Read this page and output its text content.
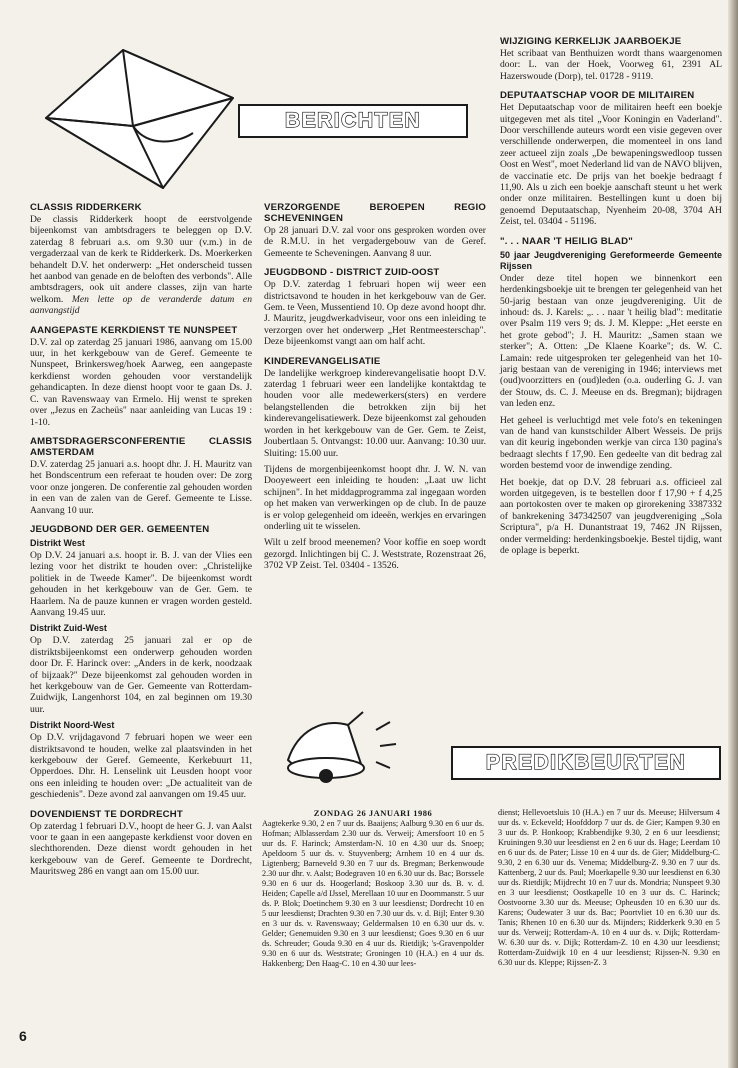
BERICHTEN
CLASSIS RIDDERKERK

De classis Ridderkerk hoopt de eerstvolgende bijeenkomst van ambtsdragers te beleggen op D.V. zaterdag 8 februari a.s. om 9.30 uur (v.m.) in de vergaderzaal van de kerk te Ridderkerk. Ds. Moerkerken behandelt D.V. het onderwerp: „Het onderscheid tussen het aanbod van genade en de beloften des verbonds". Alle ambtsdragers, ook uit andere classes, zijn van harte welkom. Men lette op de veranderde datum en aanvangstijd

AANGEPASTE KERKDIENST TE NUNSPEET

D.V. zal op zaterdag 25 januari 1986, aanvang om 15.00 uur, in het kerkgebouw van de Geref. Gemeente te Nunspeet, Brinkersweg/hoek Aarweg, een aangepaste kerkdienst worden gehouden voor verstandelijk gehandicapten. In deze dienst hoopt voor te gaan Ds. J. C. van Ravenswaay van Ermelo. Hij wenst te spreken over „Jezus en Zacheüs" naar aanleiding van Lucas 19 : 1-10.

AMBTSDRAGERSCONFERENTIE CLASSIS AMSTERDAM

D.V. zaterdag 25 januari a.s. hoopt dhr. J. H. Mauritz van het Bondscentrum een referaat te houden over: De zorg voor onze jongeren. De conferentie zal gehouden worden in een van de zalen van de Geref. Gemeente te Lisse. Aanvang 10 uur.

JEUGDBOND DER GER. GEMEENTEN
Distrikt West

Op D.V. 24 januari a.s. hoopt ir. B. J. van der Vlies een lezing voor het distrikt te houden over: „Christelijke politiek in de Tweede Kamer". De bijeenkomst wordt gehouden in het kerkgebouw van de Ger. Gem. te Haarlem. Na de pauze kunnen er vragen worden gesteld. Aanvang 19.45 uur.

Distrikt Zuid-West

Op D.V. zaterdag 25 januari zal er op de distriktsbijeenkomst een onderwerp gehouden worden door Dr. F. Harinck over: „Anders in de kerk, noodzaak of bijzaak?" Deze bijeenkomst zal gehouden worden in het kerkgebouw van de Ger. Gemeente van Rotterdam-Zuidwijk, Langenhorst 104, en zal beginnen om 19.30 uur.

Distrikt Noord-West

Op D.V. vrijdagavond 7 februari hopen we weer een distriktsavond te houden, welke zal plaatsvinden in het kerkgebouw der Geref. Gemeente, Kerkebuurt 11, Opperdoes. Dhr. H. Lenselink uit Leusden hoopt voor ons een inleiding te houden over: „De actualiteit van de geschiedenis". Deze avond zal aanvangen om 19.45 uur.

DOVENDIENST TE DORDRECHT

Op zaterdag 1 februari D.V., hoopt de heer G. J. van Aalst voor te gaan in een aangepaste kerkdienst voor doven en slechthorenden. Deze dienst wordt gehouden in het kerkgebouw van de Geref. Gemeente te Dordrecht, Mauritsweg 286 en vangt aan om 15.00 uur.

VERZORGENDE BEROEPEN REGIO SCHEVENINGEN

Op 28 januari D.V. zal voor ons gesproken worden over de R.M.U. in het vergadergebouw van de Geref. Gemeente te Scheveningen. Aanvang 8 uur.

JEUGDBOND - DISTRICT ZUID-OOST

Op D.V. zaterdag 1 februari hopen wij weer een districtsavond te houden in het kerkgebouw van de Ger. Gem. te Veen, Mussentiend 10. Op deze avond hoopt dhr. J. Mauritz, jeugdwerkadviseur, voor ons een inleiding te verzorgen over het onderwerp „Het Rentmeesterschap". Deze bijeenkomst vangt aan om half acht.

KINDEREVANGELISATIE

De landelijke werkgroep kinderevangelisatie hoopt D.V. zaterdag 1 februari weer een landelijke kontaktdag te houden voor alle medewerkers(sters) en verdere belangstellenden die betrokken zijn bij het kinderevangelisatiewerk. Deze bijeenkomst zal gehouden worden in het kerkgebouw van de Ger. Gem. te Zeist, Joubertlaan 5. Ontvangst: 10.00 uur. Aanvang: 10.30 uur. Sluiting: 15.00 uur.

Tijdens de morgenbijeenkomst hoopt dhr. J. W. N. van Dooyeweert een inleiding te houden: „Laat uw licht schijnen". In het middagprogramma zal ingegaan worden op het maken van verwerkingen op de club. In de pauze is er volop gelegenheid om ideeën, werkjes en ervaringen onderling uit te wisselen.

Wilt u zelf brood meenemen? Voor koffie en soep wordt gezorgd. Inlichtingen bij C. J. Weststrate, Rozenstraat 26, 3702 VP Zeist. Tel. 03404 - 13526.

WIJZIGING KERKELIJK JAARBOEKJE

Het scribaat van Benthuizen wordt thans waargenomen door: L. van der Hoek, Voorweg 61, 2391 AL Hazerswoude (Dorp), tel. 01728 - 9119.

DEPUTAATSCHAP VOOR DE MILITAIREN

Het Deputaatschap voor de militairen heeft een boekje uitgegeven met als titel „Voor Koningin en Vaderland". Door verschillende auteurs wordt een visie gegeven over verschillende onderwerpen, die momenteel in ons land zeer actueel zijn zoals „De bewapeningswedloop tussen Oost en West", moet Nederland lid van de NAVO blijven, de vaccinatie etc. De prijs van het boekje bedraagt f 11,90. Als u zich een boekje aanschaft steunt u het werk onder onze militairen. Bestellingen kunt u doen bij genoemd Deputaatschap, Nyenheim 20-08, 3704 AH Zeist, tel. 03404 - 51196.

". . . NAAR 'T HEILIG BLAD"
50 jaar Jeugdvereniging Gereformeerde Gemeente Rijssen

Onder deze titel hopen we binnenkort een herdenkingsboekje uit te brengen ter gelegenheid van het 50-jarig bestaan van onze jeugdvereniging. Uit de inhoud: ds. J. Karels: „. . . naar 't heilig blad": meditatie over Psalm 119 vers 9; ds. J. M. Kleppe: „Het eerste en het grote gebod"; J. H. Mauritz: „Samen staan we sterker"; A. Otten: „De Klaene Koarke"; ds. W. C. Lamain: rede uitgesproken ter gelegenheid van het 10-jarig bestaan van de vereniging in 1946; interviews met (oud)voorzitters en (oud)leden (o.a. ouderling G. J. van der Stouw, ds. C. J. Meeuse en ds. Bregman); bijdragen van leden enz.

Het geheel is verluchtigd met vele foto's en tekeningen van de hand van kunstschilder Albert Wesseis. De prijs van dit keurig ingebonden werkje van circa 130 pagina's bedraagt slechts f 17,90. Een gedeelte van dit bedrag zal worden bestemd voor de inwendige zending.

Het boekje, dat op D.V. 28 februari a.s. officieel zal worden uitgegeven, is te bestellen door f 17,90 + f 4,25 aan portokosten over te maken op girorekening 3387332 of bankrekening 347342507 van jeugdvereniging „Sola Scriptura", p/a H. Dunantstraat 19, 7462 JN Rijssen, onder vermelding: herdenkingsboekje. Bestel tijdig, want de oplage is beperkt.

PREDIKBEURTEN
ZONDAG 26 JANUARI 1986
Aagtekerke 9.30, 2 en 7 uur ds. Baaijens; Aalburg 9.30 en 6 uur ds. Hofman; Alblasserdam 2.30 uur ds. Verweij; Amersfoort 10 en 5 uur ds. F. Harinck; Amsterdam-N. 10 en 4.30 uur ds. Snoep; Apeldoorn 5 uur ds. v. Stuyvenberg; Arnhem 10 en 4 uur ds. Ligtenberg; Barneveld 9.30 en 7 uur ds. Bregman; Berkenwoude 2.30 uur dhr. v. Aalst; Bodegraven 10 en 6.30 uur ds. Bac; Borssele 9.30 en 6 uur ds. Hoogerland; Boskoop 3.30 uur ds. B. v. d. Heiden; Capelle a/d IJssel, Merellaan 10 uur en Doornmanstr. 5 uur ds. P. Blok; Doetinchem 9.30 en 3 uur leesdienst; Dordrecht 10 en 5 uur leesdienst; Drachten 9.30 en 7.30 uur ds. v. d. Bijl; Enter 9.30 en 3 uur ds. v. Ravenswaay; Geldermalsen 10 en 6.30 uur ds. v. Gelder; Genemuiden 9.30 en 3 uur leesdienst; Goes 9.30 en 6 uur ds. Schreuder; Gouda 9.30 en 4 uur ds. Rietdijk; 's-Gravenpolder 9.30 en 6 uur ds. Weststrate; Groningen 10 (H.A.) en 4 uur ds. Hakkenberg; Den Haag-C. 10 en 4.30 uur lees-
dienst; Hellevoetsluis 10 (H.A.) en 7 uur ds. Meeuse; Hilversum 4 uur ds. v. Eckeveld; Hoofddorp 7 uur ds. de Gier; Kampen 9.30 en 3 uur ds. P. Honkoop; Krabbendijke 9.30, 2 en 6 uur leesdienst; Kruiningen 9.30 uur leesdienst en 2 en 6 uur ds. Hage; Leerdam 10 en 6 uur ds. de Pater; Lisse 10 en 4 uur ds. de Gier; Middelburg-C. 9.30, 2 en 6.30 uur ds. Venema; Middelburg-Z. 9.30 en 7 uur ds. Kattenberg, 2 uur ds. Paul; Moerkapelle 9.30 uur leesdienst en 6.30 uur ds. Rietdijk; Mijdrecht 10 en 7 uur ds. Mondria; Nunspeet 9.30 en 3 uur leesdienst; Oostkapelle 10 en 3 uur ds. C. Harinck; Oostvoorne 3.30 uur ds. Meeuse; Opheusden 10 en 6.30 uur ds. Karens; Oudewater 3 uur ds. Bac; Poortvliet 10 en 6.30 uur ds. Tanis; Rhenen 10 en 6.30 uur ds. Mijnders; Ridderkerk 9.30 en 5 uur ds. Verweij; Rotterdam-A. 10 en 4 uur ds. v. Dijk; Rotterdam-W. 6.30 uur ds. v. Dijk; Rotterdam-Z. 10 en 4.30 uur leesdienst; Rotterdam-Zuidwijk 10 en 4 uur leesdienst; Rijssen-N. 9.30 en 6.30 uur ds. Kleppe; Rijssen-Z. 3
6
